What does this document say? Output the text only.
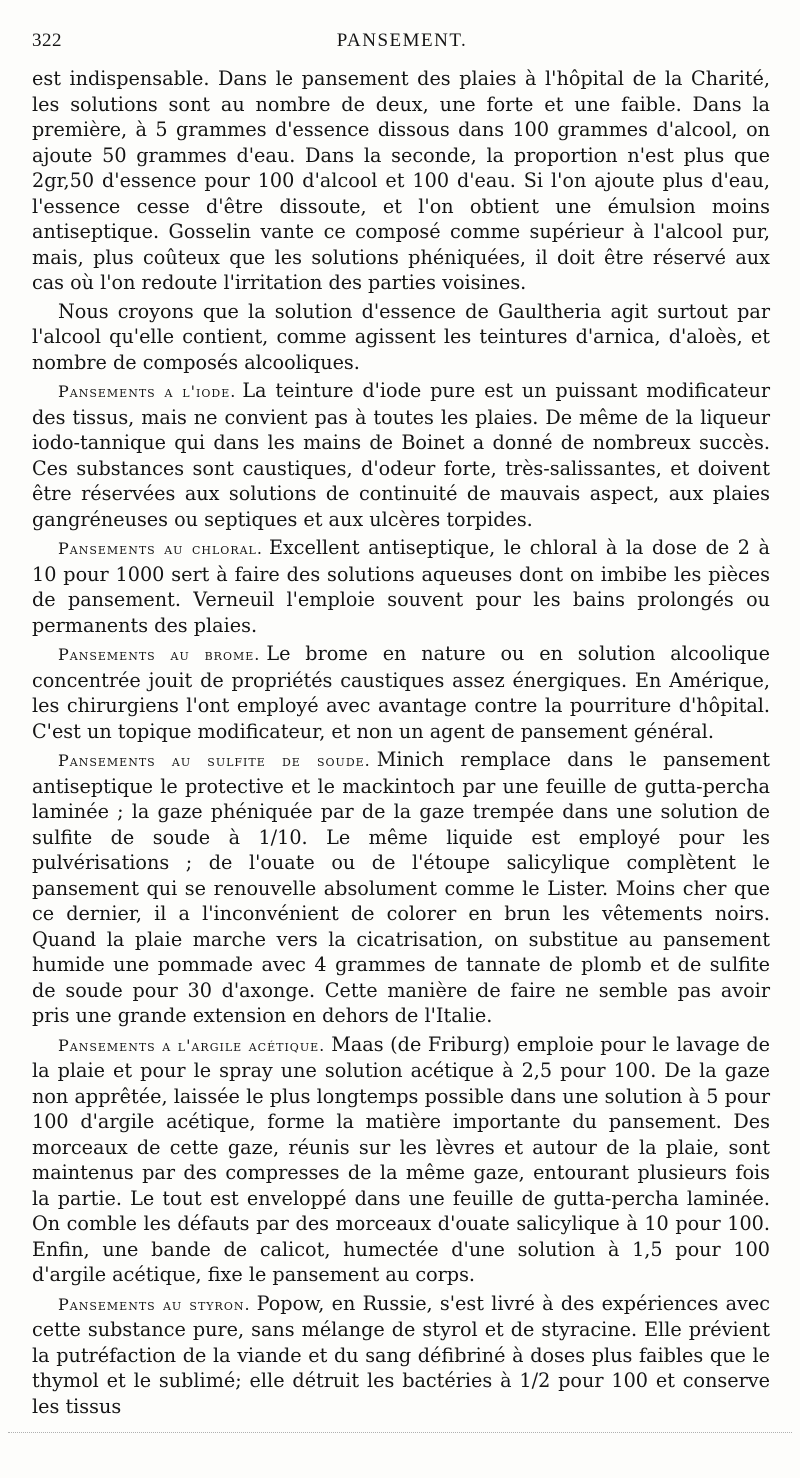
322	PANSEMENT.

est indispensable. Dans le pansement des plaies à l'hôpital de la Charité, les solutions sont au nombre de deux, une forte et une faible. Dans la première, à 5 grammes d'essence dissous dans 100 grammes d'alcool, on ajoute 50 grammes d'eau. Dans la seconde, la proportion n'est plus que 2gr,50 d'essence pour 100 d'alcool et 100 d'eau. Si l'on ajoute plus d'eau, l'essence cesse d'être dissoute, et l'on obtient une émulsion moins antiseptique. Gosselin vante ce composé comme supérieur à l'alcool pur, mais, plus coûteux que les solutions phéniquées, il doit être réservé aux cas où l'on redoute l'irritation des parties voisines.

Nous croyons que la solution d'essence de Gaultheria agit surtout par l'alcool qu'elle contient, comme agissent les teintures d'arnica, d'aloès, et nombre de composés alcooliques.

Pansements a l'iode. La teinture d'iode pure est un puissant modificateur des tissus, mais ne convient pas à toutes les plaies. De même de la liqueur iodo-tannique qui dans les mains de Boinet a donné de nombreux succès. Ces substances sont caustiques, d'odeur forte, très-salissantes, et doivent être réservées aux solutions de continuité de mauvais aspect, aux plaies gangréneuses ou septiques et aux ulcères torpides.

Pansements au chloral. Excellent antiseptique, le chloral à la dose de 2 à 10 pour 1000 sert à faire des solutions aqueuses dont on imbibe les pièces de pansement. Verneuil l'emploie souvent pour les bains prolongés ou permanents des plaies.

Pansements au brome. Le brome en nature ou en solution alcoolique concentrée jouit de propriétés caustiques assez énergiques. En Amérique, les chirurgiens l'ont employé avec avantage contre la pourriture d'hôpital. C'est un topique modificateur, et non un agent de pansement général.

Pansements au sulfite de soude. Minich remplace dans le pansement antiseptique le protective et le mackintoch par une feuille de gutta-percha laminée ; la gaze phéniquée par de la gaze trempée dans une solution de sulfite de soude à 1/10. Le même liquide est employé pour les pulvérisations ; de l'ouate ou de l'étoupe salicylique complètent le pansement qui se renouvelle absolument comme le Lister. Moins cher que ce dernier, il a l'inconvénient de colorer en brun les vêtements noirs. Quand la plaie marche vers la cicatrisation, on substitue au pansement humide une pommade avec 4 grammes de tannate de plomb et de sulfite de soude pour 30 d'axonge. Cette manière de faire ne semble pas avoir pris une grande extension en dehors de l'Italie.

Pansements a l'argile acétique. Maas (de Friburg) emploie pour le lavage de la plaie et pour le spray une solution acétique à 2,5 pour 100. De la gaze non apprêtée, laissée le plus longtemps possible dans une solution à 5 pour 100 d'argile acétique, forme la matière importante du pansement. Des morceaux de cette gaze, réunis sur les lèvres et autour de la plaie, sont maintenus par des compresses de la même gaze, entourant plusieurs fois la partie. Le tout est enveloppé dans une feuille de gutta-percha laminée. On comble les défauts par des morceaux d'ouate salicylique à 10 pour 100. Enfin, une bande de calicot, humectée d'une solution à 1,5 pour 100 d'argile acétique, fixe le pansement au corps.

Pansements au styron. Popow, en Russie, s'est livré à des expériences avec cette substance pure, sans mélange de styrol et de styracine. Elle prévient la putréfaction de la viande et du sang défibriné à doses plus faibles que le thymol et le sublimé; elle détruit les bactéries à 1/2 pour 100 et conserve les tissus
